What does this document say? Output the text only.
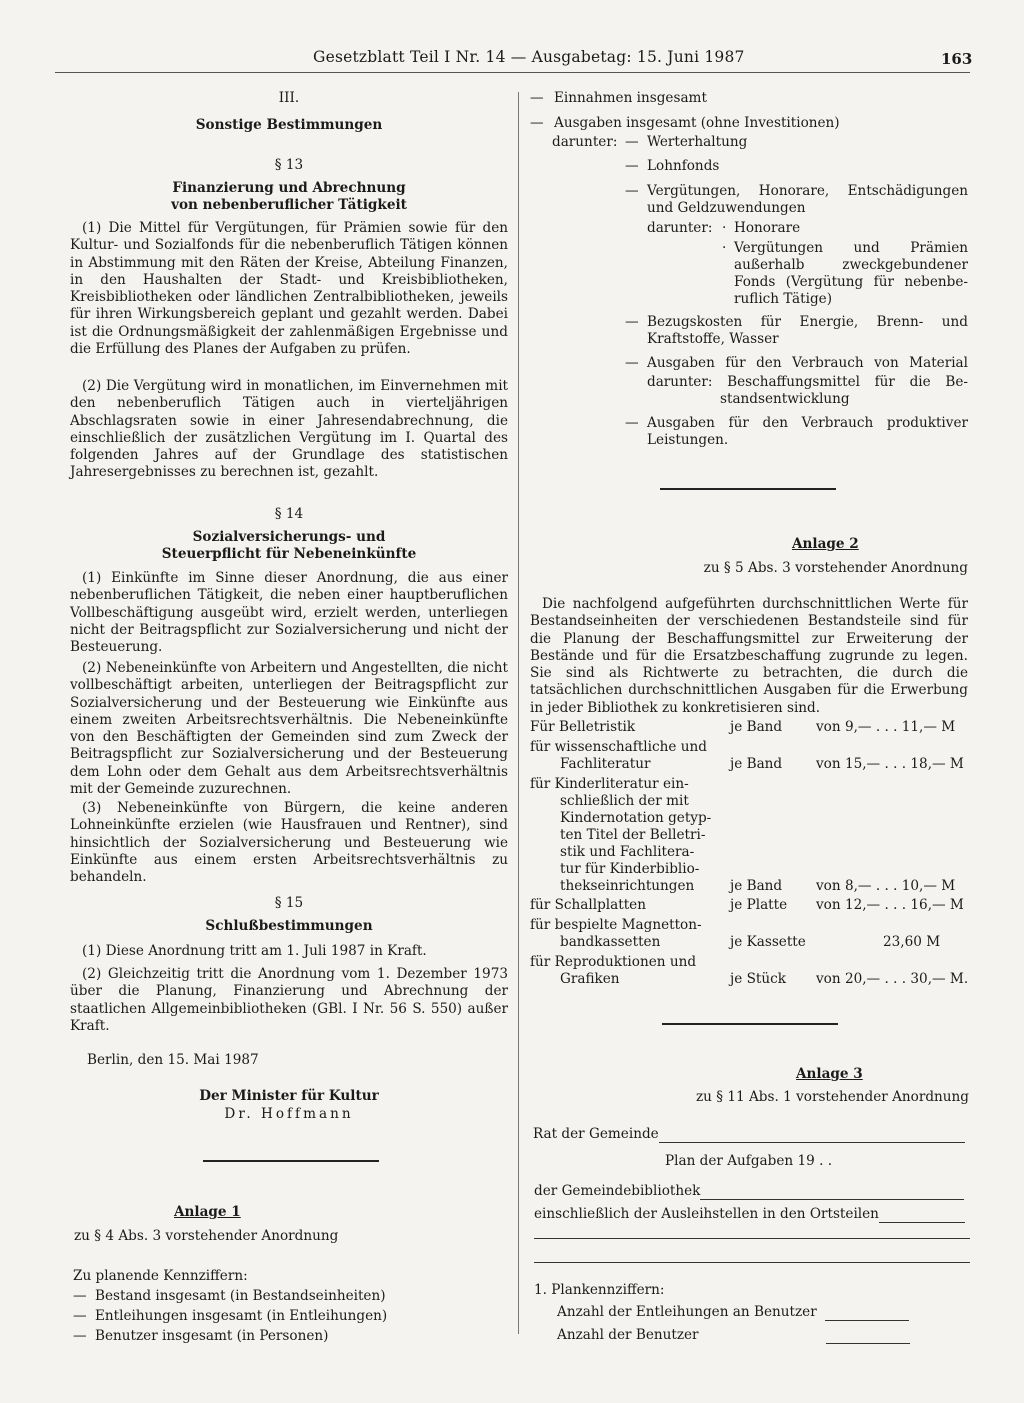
Gesetzblatt Teil I Nr. 14 — Ausgabetag: 15. Juni 1987	163
III.
Sonstige Bestimmungen
§ 13
Finanzierung und Abrechnung
von nebenberuflicher Tätigkeit

(1) Die Mittel für Vergütungen, für Prämien sowie für den Kultur- und Sozialfonds für die nebenberuflich Tätigen können in Abstimmung mit den Räten der Kreise, Abteilung Finanzen, in den Haushalten der Stadt- und Kreisbibliotheken, Kreisbibliotheken oder ländlichen Zentralbibliotheken, jeweils für ihren Wirkungsbereich geplant und gezahlt werden. Dabei ist die Ordnungsmäßigkeit der zahlenmäßigen Ergebnisse und die Erfüllung des Planes der Aufgaben zu prüfen.

(2) Die Vergütung wird in monatlichen, im Einvernehmen mit den nebenberuflich Tätigen auch in vierteljährigen Abschlagsraten sowie in einer Jahresendabrechnung, die einschließlich der zusätzlichen Vergütung im I. Quartal des folgenden Jahres auf der Grundlage des statistischen Jahresergebnisses zu berechnen ist, gezahlt.

§ 14
Sozialversicherungs- und
Steuerpflicht für Nebeneinkünfte

(1) Einkünfte im Sinne dieser Anordnung, die aus einer nebenberuflichen Tätigkeit, die neben einer hauptberuflichen Vollbeschäftigung ausgeübt wird, erzielt werden, unterliegen nicht der Beitragspflicht zur Sozialversicherung und nicht der Besteuerung.

(2) Nebeneinkünfte von Arbeitern und Angestellten, die nicht vollbeschäftigt arbeiten, unterliegen der Beitragspflicht zur Sozialversicherung und der Besteuerung wie Einkünfte aus einem zweiten Arbeitsrechtsverhältnis. Die Nebeneinkünfte von den Beschäftigten der Gemeinden sind zum Zweck der Beitragspflicht zur Sozialversicherung und der Besteuerung dem Lohn oder dem Gehalt aus dem Arbeitsrechtsverhältnis mit der Gemeinde zuzurechnen.

(3) Nebeneinkünfte von Bürgern, die keine anderen Lohneinkünfte erzielen (wie Hausfrauen und Rentner), sind hinsichtlich der Sozialversicherung und Besteuerung wie Einkünfte aus einem ersten Arbeitsrechtsverhältnis zu behandeln.

§ 15
Schlußbestimmungen

(1) Diese Anordnung tritt am 1. Juli 1987 in Kraft.

(2) Gleichzeitig tritt die Anordnung vom 1. Dezember 1973 über die Planung, Finanzierung und Abrechnung der staatlichen Allgemeinbibliotheken (GBl. I Nr. 56 S. 550) außer Kraft.

Berlin, den 15. Mai 1987
Der Minister für Kultur
Dr. Hoffmann
Anlage 1
zu § 4 Abs. 3 vorstehender Anordnung
Zu planende Kennziffern:
— Bestand insgesamt (in Bestandseinheiten)
— Entleihungen insgesamt (in Entleihungen)
— Benutzer insgesamt (in Personen)
— Einnahmen insgesamt
— Ausgaben insgesamt (ohne Investitionen)
darunter: — Werterhaltung
— Lohnfonds
— Vergütungen, Honorare, Entschädigungen
und Geldzuwendungen
darunter: · Honorare
· Vergütungen und Prämien
außerhalb zweckgebundener
Fonds (Vergütung für nebenbe-
ruflich Tätige)
— Bezugskosten für Energie, Brenn- und
Kraftstoffe, Wasser
— Ausgaben für den Verbrauch von Material
darunter: Beschaffungsmittel für die Be-
standsentwicklung
— Ausgaben für den Verbrauch produktiver
Leistungen.
Anlage 2
zu § 5 Abs. 3 vorstehender Anordnung

Die nachfolgend aufgeführten durchschnittlichen Werte für Bestandseinheiten der verschiedenen Bestandsteile sind für die Planung der Beschaffungsmittel zur Erweiterung der Bestände und für die Ersatzbeschaffung zugrunde zu legen. Sie sind als Richtwerte zu betrachten, die durch die tatsächlichen durchschnittlichen Ausgaben für die Erwerbung in jeder Bibliothek zu konkretisieren sind.

Für Belletristik	je Band von 9,— . . . 11,— M
für wissenschaftliche und
Fachliteratur	je Band von 15,— . . . 18,— M
für Kinderliteratur ein-
schließlich der mit
Kindernotation getyp-
ten Titel der Belletri-
stik und Fachlitera-
tur für Kinderbiblio-
thekseinrichtungen	je Band von 8,— . . . 10,— M
für Schallplatten	je Platte von 12,— . . . 16,— M
für bespielte Magnetton-
bandkassetten	je Kassette	23,60 M
für Reproduktionen und
Grafiken	je Stück von 20,— . . . 30,— M.
Anlage 3
zu § 11 Abs. 1 vorstehender Anordnung
Rat der Gemeinde
Plan der Aufgaben 19 . .
der Gemeindebibliothek
einschließlich der Ausleihstellen in den Ortsteilen
1. Plankennziffern:
Anzahl der Entleihungen an Benutzer
Anzahl der Benutzer
